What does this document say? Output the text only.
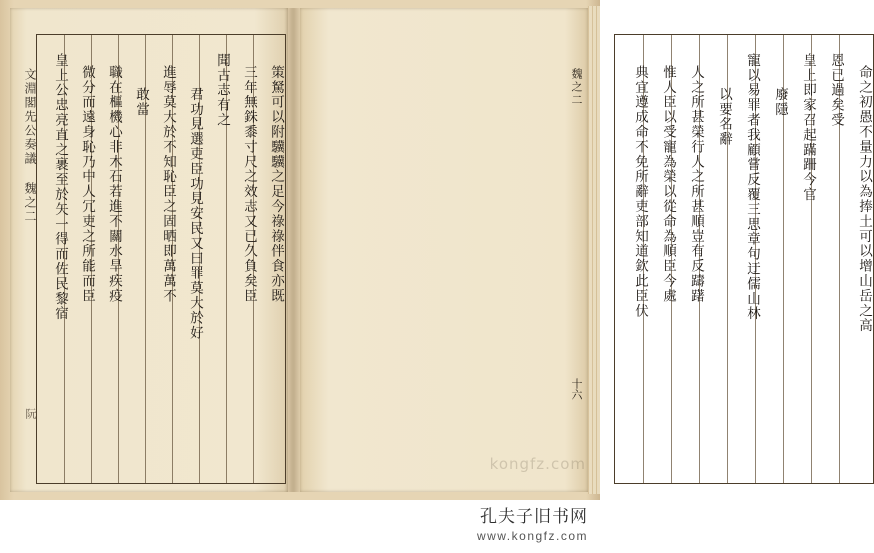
文淵閣先公奏議 魏之二
阮
策駑可以附驥驥之足今祿祿伴食亦既
三年無銖黍寸尺之效志又已久負矣臣
聞古志有之
君功見選吏臣功見安民又曰罪莫大於好
進辱莫大於不知恥臣之固晒即萬萬不
敢當
職在樞機心非木石若進不關水旱疾疫
微分而遠身恥乃中人冗吏之所能而臣
皇上公忠亮直之裹至於矢一得而佐民黎宿	命之初愚不量力以為捧土可以增山岳之高
恩已過矣受
皇上即家召起蹣跚今官
廢隱
寵以易罪者我顧嘗反覆三思章句迂儒山林
以要名辭
人之所甚榮行人之所甚順豈有反躊躇
惟人臣以受寵為榮以從命為順臣今處
典宜遵成命不免所辭吏部知道欽此臣伏
魏之二
十六
kongfz.com
孔夫子旧书网
www.kongfz.com
